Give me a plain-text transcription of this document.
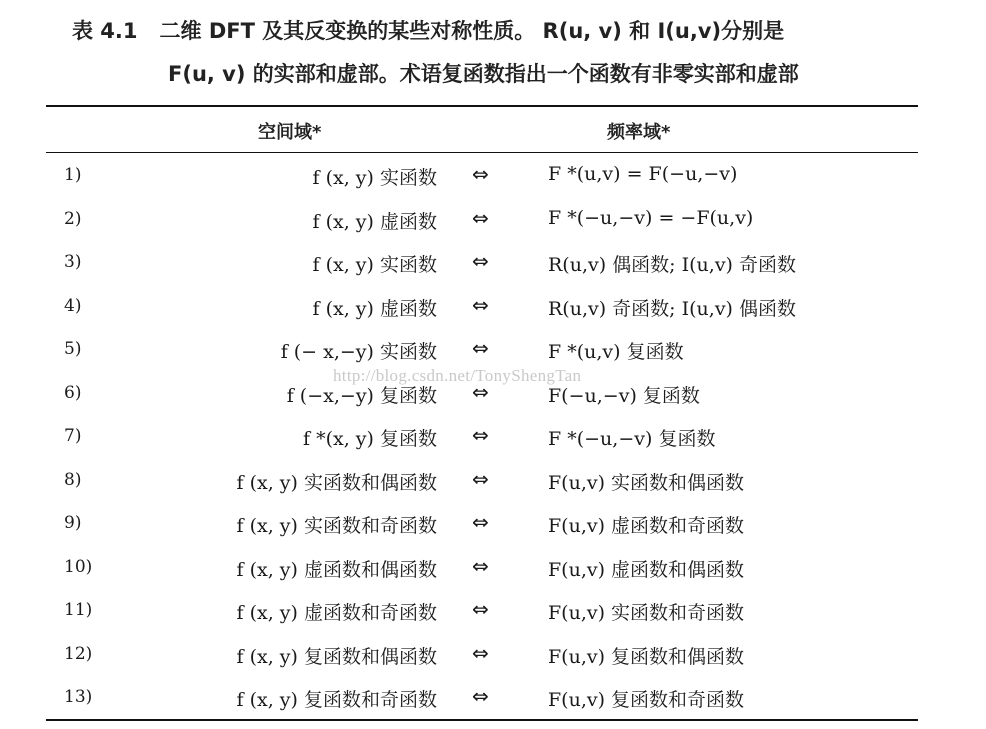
表 4.1 二维 DFT 及其反变换的某些对称性质。 R(u, v) 和 I(u,v)分别是
F(u, v) 的实部和虚部。术语复函数指出一个函数有非零实部和虚部
空间域*	频率域*
1)	f (x, y) 实函数 ⇔	F *(u,v) = F(−u,−v)
2)	f (x, y) 虚函数 ⇔	F *(−u,−v) = −F(u,v)
3)	f (x, y) 实函数 ⇔	R(u,v) 偶函数; I(u,v) 奇函数
4)	f (x, y) 虚函数 ⇔	R(u,v) 奇函数; I(u,v) 偶函数
5)	f (− x,−y) 实函数 ⇔	F *(u,v) 复函数
6)	f (−x,−y) 复函数 ⇔	F(−u,−v) 复函数
7)	f *(x, y) 复函数 ⇔	F *(−u,−v) 复函数
8)	f (x, y) 实函数和偶函数 ⇔	F(u,v) 实函数和偶函数
9)	f (x, y) 实函数和奇函数 ⇔	F(u,v) 虚函数和奇函数
10)	f (x, y) 虚函数和偶函数 ⇔	F(u,v) 虚函数和偶函数
11)	f (x, y) 虚函数和奇函数 ⇔	F(u,v) 实函数和奇函数
12)	f (x, y) 复函数和偶函数 ⇔	F(u,v) 复函数和偶函数
13)	f (x, y) 复函数和奇函数 ⇔	F(u,v) 复函数和奇函数
http://blog.csdn.net/TonyShengTan
